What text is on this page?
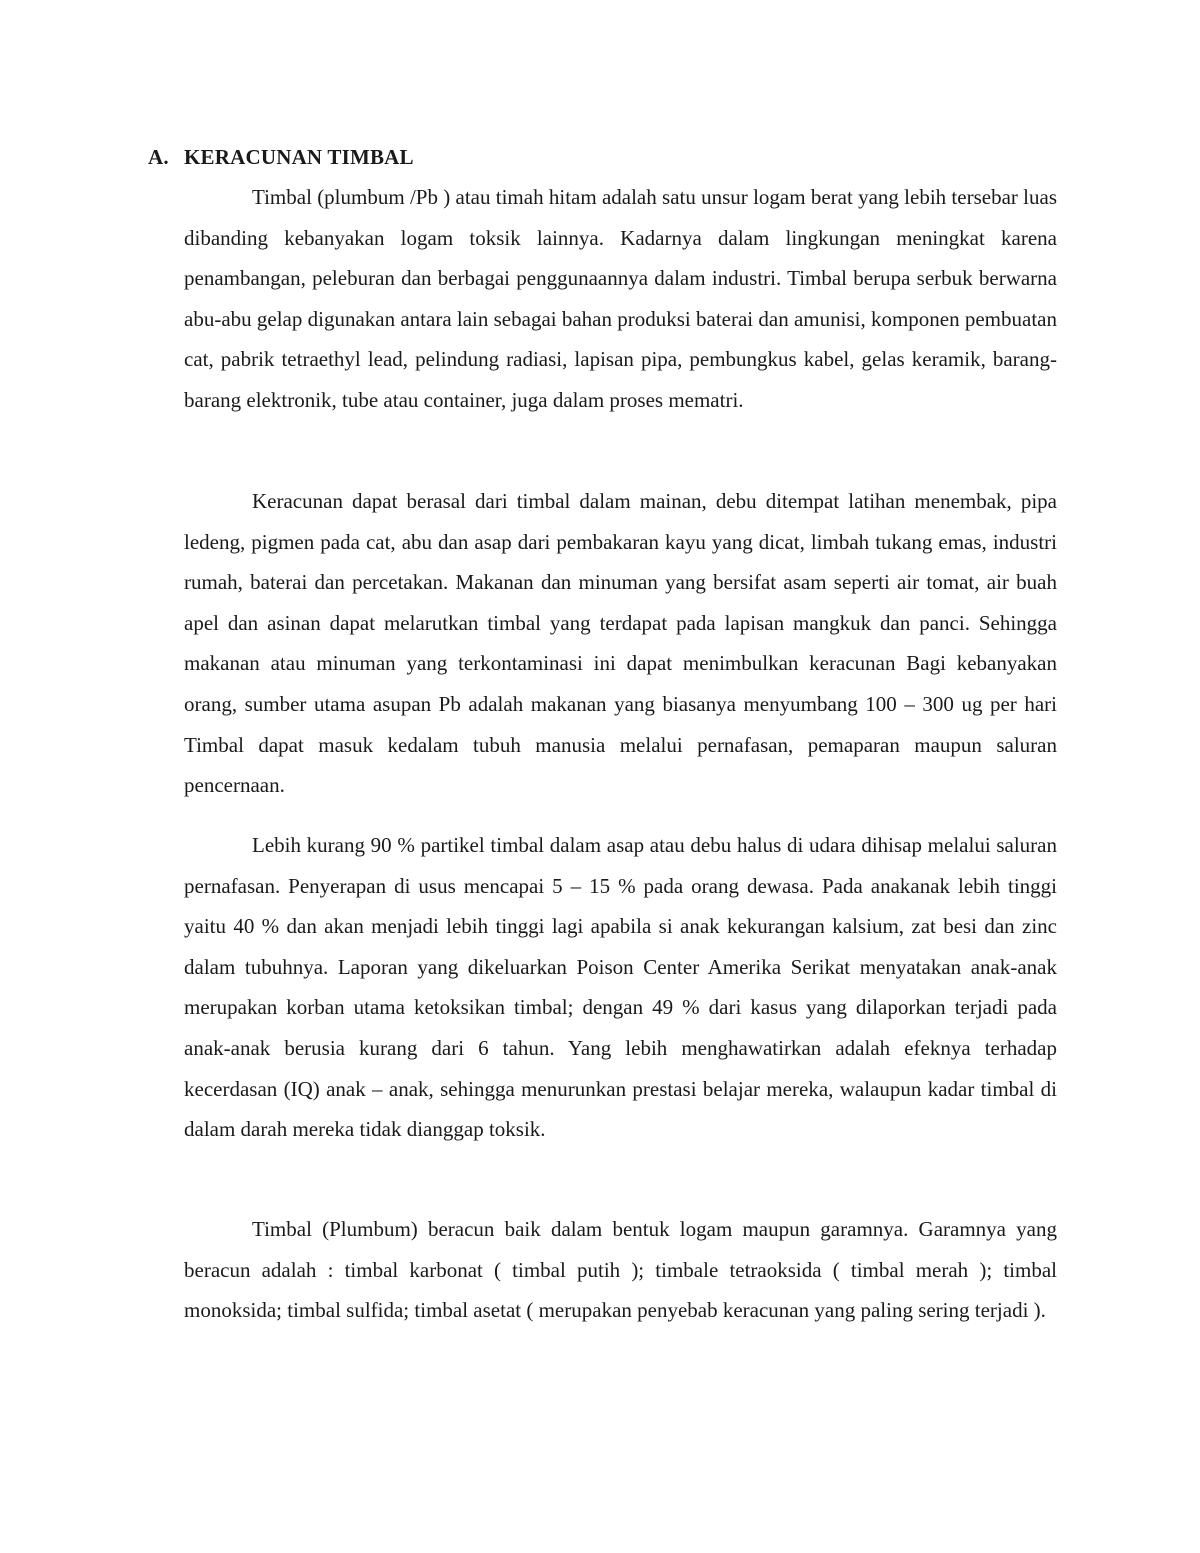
A. KERACUNAN TIMBAL

Timbal (plumbum /Pb ) atau timah hitam adalah satu unsur logam berat yang lebih tersebar luas dibanding kebanyakan logam toksik lainnya. Kadarnya dalam lingkungan meningkat karena penambangan, peleburan dan berbagai penggunaannya dalam industri. Timbal berupa serbuk berwarna abu-abu gelap digunakan antara lain sebagai bahan produksi baterai dan amunisi, komponen pembuatan cat, pabrik tetraethyl lead, pelindung radiasi, lapisan pipa, pembungkus kabel, gelas keramik, barang-barang elektronik, tube atau container, juga dalam proses mematri.

Keracunan dapat berasal dari timbal dalam mainan, debu ditempat latihan menembak, pipa ledeng, pigmen pada cat, abu dan asap dari pembakaran kayu yang dicat, limbah tukang emas, industri rumah, baterai dan percetakan. Makanan dan minuman yang bersifat asam seperti air tomat, air buah apel dan asinan dapat melarutkan timbal yang terdapat pada lapisan mangkuk dan panci. Sehingga makanan atau minuman yang terkontaminasi ini dapat menimbulkan keracunan Bagi kebanyakan orang, sumber utama asupan Pb adalah makanan yang biasanya menyumbang 100 – 300 ug per hari Timbal dapat masuk kedalam tubuh manusia melalui pernafasan, pemaparan maupun saluran pencernaan.

Lebih kurang 90 % partikel timbal dalam asap atau debu halus di udara dihisap melalui saluran pernafasan. Penyerapan di usus mencapai 5 – 15 % pada orang dewasa. Pada anakanak lebih tinggi yaitu 40 % dan akan menjadi lebih tinggi lagi apabila si anak kekurangan kalsium, zat besi dan zinc dalam tubuhnya. Laporan yang dikeluarkan Poison Center Amerika Serikat menyatakan anak-anak merupakan korban utama ketoksikan timbal; dengan 49 % dari kasus yang dilaporkan terjadi pada anak-anak berusia kurang dari 6 tahun. Yang lebih menghawatirkan adalah efeknya terhadap kecerdasan (IQ) anak – anak, sehingga menurunkan prestasi belajar mereka, walaupun kadar timbal di dalam darah mereka tidak dianggap toksik.

Timbal (Plumbum) beracun baik dalam bentuk logam maupun garamnya. Garamnya yang beracun adalah : timbal karbonat ( timbal putih ); timbale tetraoksida ( timbal merah ); timbal monoksida; timbal sulfida; timbal asetat ( merupakan penyebab keracunan yang paling sering terjadi ).
